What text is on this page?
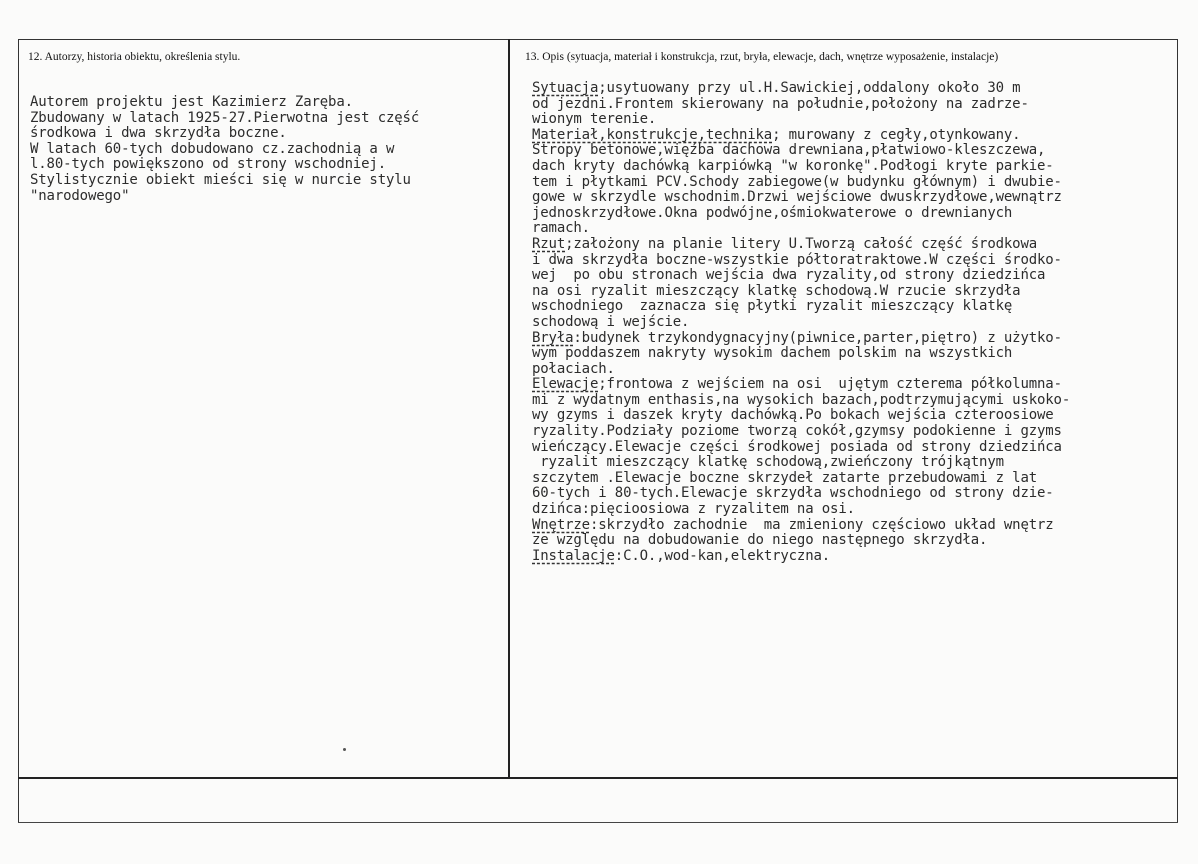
12. Autorzy, historia obiektu, określenia stylu.	13. Opis (sytuacja, materiał i konstrukcja, rzut, bryła, elewacje, dach, wnętrze wyposażenie, instalacje)
Autorem projektu jest Kazimierz Zaręba.
Zbudowany w latach 1925-27.Pierwotna jest część
środkowa i dwa skrzydła boczne.
W latach 60-tych dobudowano cz.zachodnią a w
l.80-tych powiększono od strony wschodniej.
Stylistycznie obiekt mieści się w nurcie stylu
"narodowego"
Sytuacja;usytuowany przy ul.H.Sawickiej,oddalony około 30 m
od jezdni.Frontem skierowany na południe,położony na zadrze-
wionym terenie.
Materiał,konstrukcje,technika; murowany z cegły,otynkowany.
Stropy betonowe,więźba dachowa drewniana,płatwiowo-kleszczewa,
dach kryty dachówką karpiówką "w koronkę".Podłogi kryte parkie-
tem i płytkami PCV.Schody zabiegowe(w budynku głównym) i dwubie-
gowe w skrzydle wschodnim.Drzwi wejściowe dwuskrzydłowe,wewnątrz
jednoskrzydłowe.Okna podwójne,ośmiokwaterowe o drewnianych
ramach.
Rzut;założony na planie litery U.Tworzą całość część środkowa
i dwa skrzydła boczne-wszystkie półtoratraktowe.W części środko-
wej  po obu stronach wejścia dwa ryzality,od strony dziedzińca
na osi ryzalit mieszczący klatkę schodową.W rzucie skrzydła
wschodniego  zaznacza się płytki ryzalit mieszczący klatkę
schodową i wejście.
Bryła:budynek trzykondygnacyjny(piwnice,parter,piętro) z użytko-
wym poddaszem nakryty wysokim dachem polskim na wszystkich
połaciach.
Elewacje;frontowa z wejściem na osi  ujętym czterema półkolumna-
mi z wydatnym enthasis,na wysokich bazach,podtrzymującymi uskoko-
wy gzyms i daszek kryty dachówką.Po bokach wejścia czteroosiowe
ryzality.Podziały poziome tworzą cokół,gzymsy podokienne i gzyms
wieńczący.Elewacje części środkowej posiada od strony dziedzińca
ryzalit mieszczący klatkę schodową,zwieńczony trójkątnym
szczytem .Elewacje boczne skrzydeł zatarte przebudowami z lat
60-tych i 80-tych.Elewacje skrzydła wschodniego od strony dzie-
dzińca:pięcioosiowa z ryzalitem na osi.
Wnętrze:skrzydło zachodnie  ma zmieniony częściowo układ wnętrz
ze względu na dobudowanie do niego następnego skrzydła.
Instalacje:C.O.,wod-kan,elektryczna.
